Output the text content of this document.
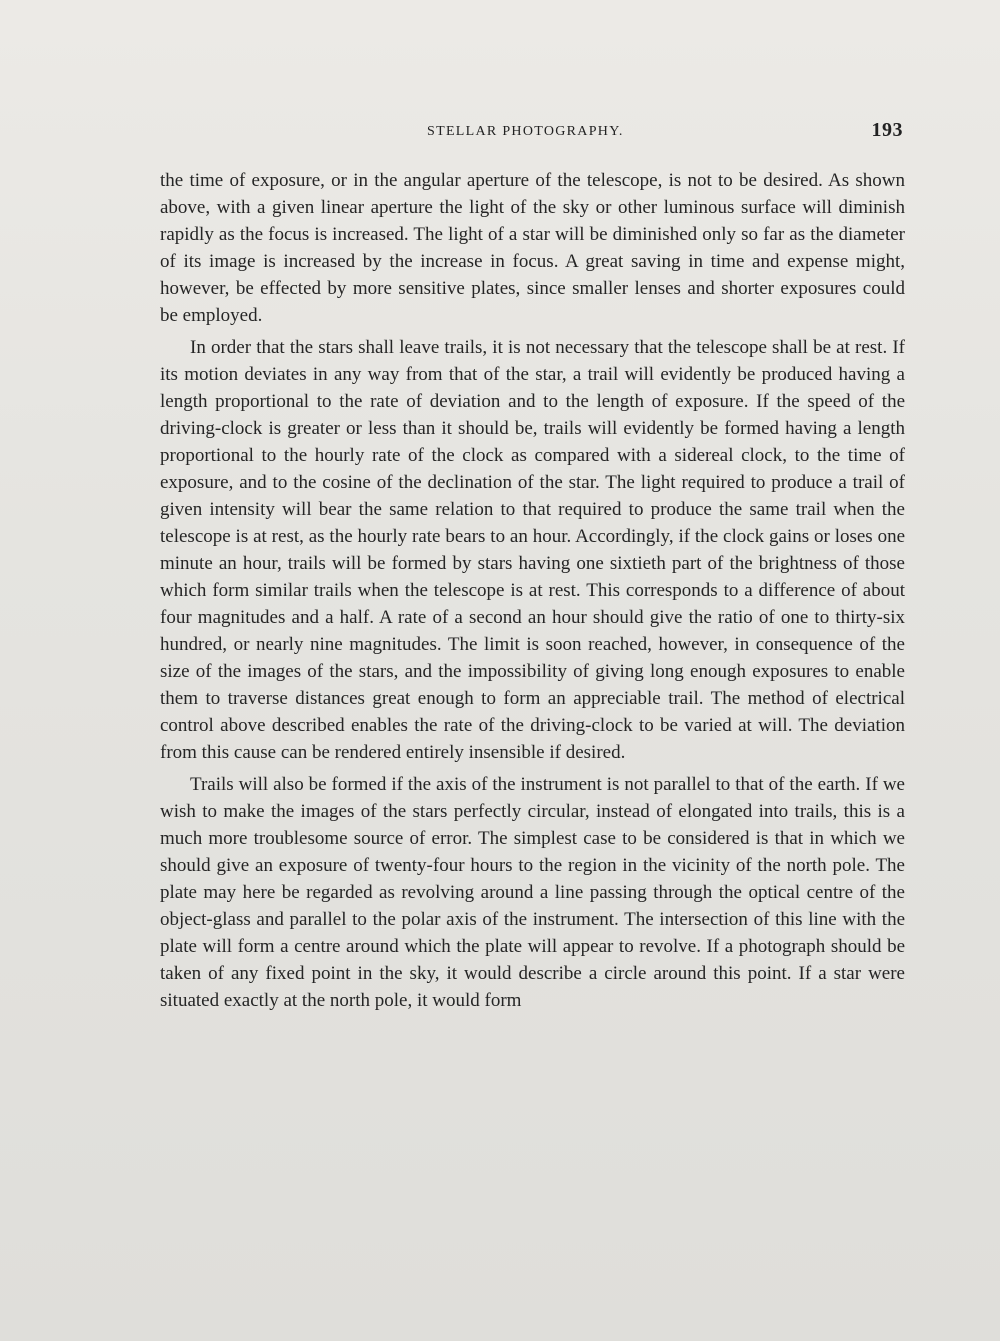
STELLAR PHOTOGRAPHY.	193

the time of exposure, or in the angular aperture of the telescope, is not to be desired. As shown above, with a given linear aperture the light of the sky or other luminous surface will diminish rapidly as the focus is increased. The light of a star will be diminished only so far as the diameter of its image is increased by the increase in focus. A great saving in time and expense might, however, be effected by more sensitive plates, since smaller lenses and shorter exposures could be employed.

In order that the stars shall leave trails, it is not necessary that the telescope shall be at rest. If its motion deviates in any way from that of the star, a trail will evidently be produced having a length proportional to the rate of deviation and to the length of exposure. If the speed of the driving-clock is greater or less than it should be, trails will evidently be formed having a length proportional to the hourly rate of the clock as compared with a sidereal clock, to the time of exposure, and to the cosine of the declination of the star. The light required to produce a trail of given intensity will bear the same relation to that required to produce the same trail when the telescope is at rest, as the hourly rate bears to an hour. Accordingly, if the clock gains or loses one minute an hour, trails will be formed by stars having one sixtieth part of the brightness of those which form similar trails when the telescope is at rest. This corresponds to a difference of about four magnitudes and a half. A rate of a second an hour should give the ratio of one to thirty-six hundred, or nearly nine magnitudes. The limit is soon reached, however, in consequence of the size of the images of the stars, and the impossibility of giving long enough exposures to enable them to traverse distances great enough to form an appreciable trail. The method of electrical control above described enables the rate of the driving-clock to be varied at will. The deviation from this cause can be rendered entirely insensible if desired.

Trails will also be formed if the axis of the instrument is not parallel to that of the earth. If we wish to make the images of the stars perfectly circular, instead of elongated into trails, this is a much more troublesome source of error. The simplest case to be considered is that in which we should give an exposure of twenty-four hours to the region in the vicinity of the north pole. The plate may here be regarded as revolving around a line passing through the optical centre of the object-glass and parallel to the polar axis of the instrument. The intersection of this line with the plate will form a centre around which the plate will appear to revolve. If a photograph should be taken of any fixed point in the sky, it would describe a circle around this point. If a star were situated exactly at the north pole, it would form
